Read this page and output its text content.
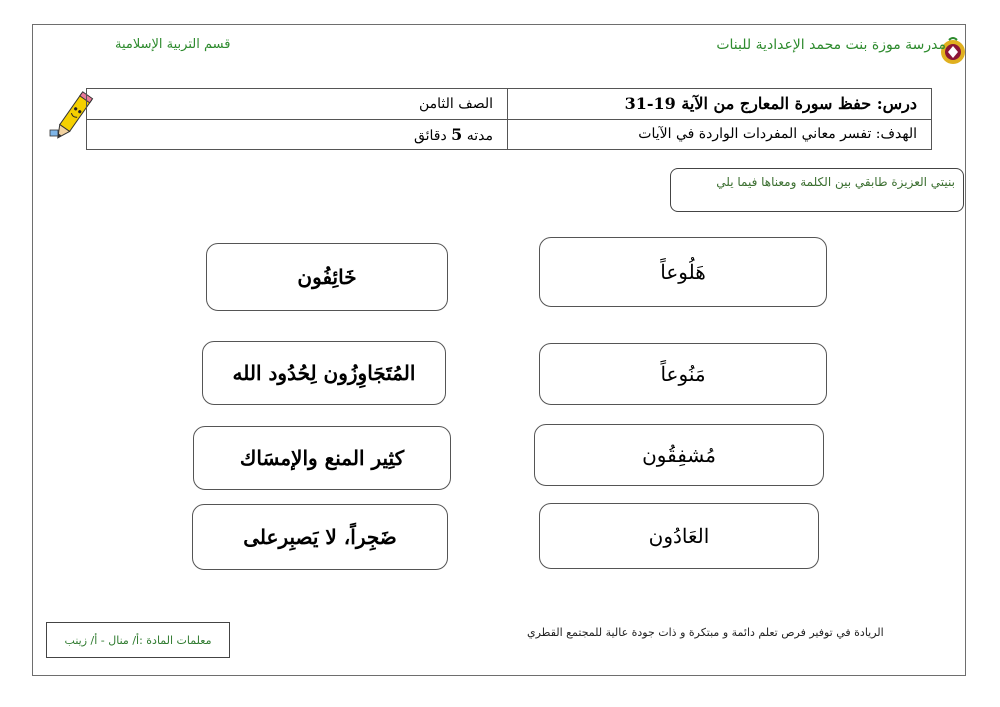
مدرسة موزة بنت محمد الإعدادية للبنات
قسم التربية الإسلامية
درس: حفظ سورة المعارج من الآية 19-31	الصف الثامن
الهدف: تفسر معاني المفردات الواردة في الآيات	مدته 5 دقائق
بنيتي العزيزة طابقي بين الكلمة ومعناها فيما يلي
هَلُوعاً
مَنُوعاً
مُشفِقُون
العَادُون
خَائِفُون
المُتَجَاوِزُون لِحُدُود الله
كثِير المنع والإمسَاك
ضَجِراً، لا يَصبِرعلى
الريادة في توفير فرص تعلم دائمة و مبتكرة و ذات جودة عالية للمجتمع القطري
معلمات المادة :أ/ منال - أ/ زينب
